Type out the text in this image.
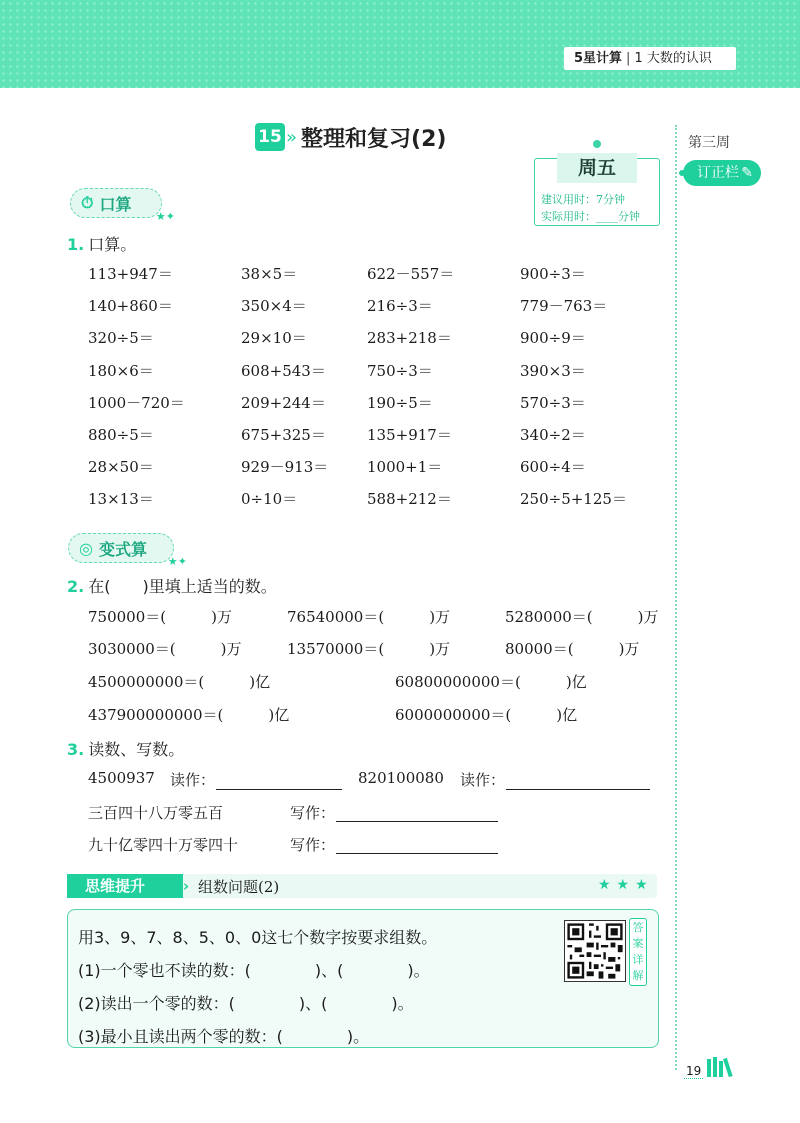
5星计算 | 1 大数的认识
第三周
订正栏 ✎
15 » 整理和复习(2)
周五
建议用时：7分钟
实际用时：____分钟
⏱ 口算
★✦
1. 口算。
113+947＝	38×5＝	622－557＝	900÷3＝
140+860＝	350×4＝	216÷3＝	779－763＝
320÷5＝	29×10＝	283+218＝	900÷9＝
180×6＝	608+543＝	750÷3＝	390×3＝
1000－720＝	209+244＝	190÷5＝	570÷3＝
880÷5＝	675+325＝	135+917＝	340÷2＝
28×50＝	929－913＝	1000+1＝	600÷4＝
13×13＝	0÷10＝	588+212＝	250÷5+125＝
◎ 变式算
★✦
2. 在(　　)里填上适当的数。
750000＝(　　　)万	76540000＝(　　　)万	5280000＝(　　　)万
3030000＝(　　　)万	13570000＝(　　　)万	80000＝(　　　)万
4500000000＝(　　　)亿	60800000000＝(　　　)亿
437900000000＝(　　　)亿	6000000000＝(　　　)亿
3. 读数、写数。
4500937 读作：	820100080 读作：
三百四十八万零五百	写作：
九十亿零四十万零四十	写作：
思维提升	› 组数问题(2)	★★★
用3、9、7、8、5、0、0这七个数字按要求组数。
(1)一个零也不读的数：(　　　　)、(　　　　)。
(2)读出一个零的数：(　　　　)、(　　　　)。
(3)最小且读出两个零的数：(　　　　)。
答案详解
19
